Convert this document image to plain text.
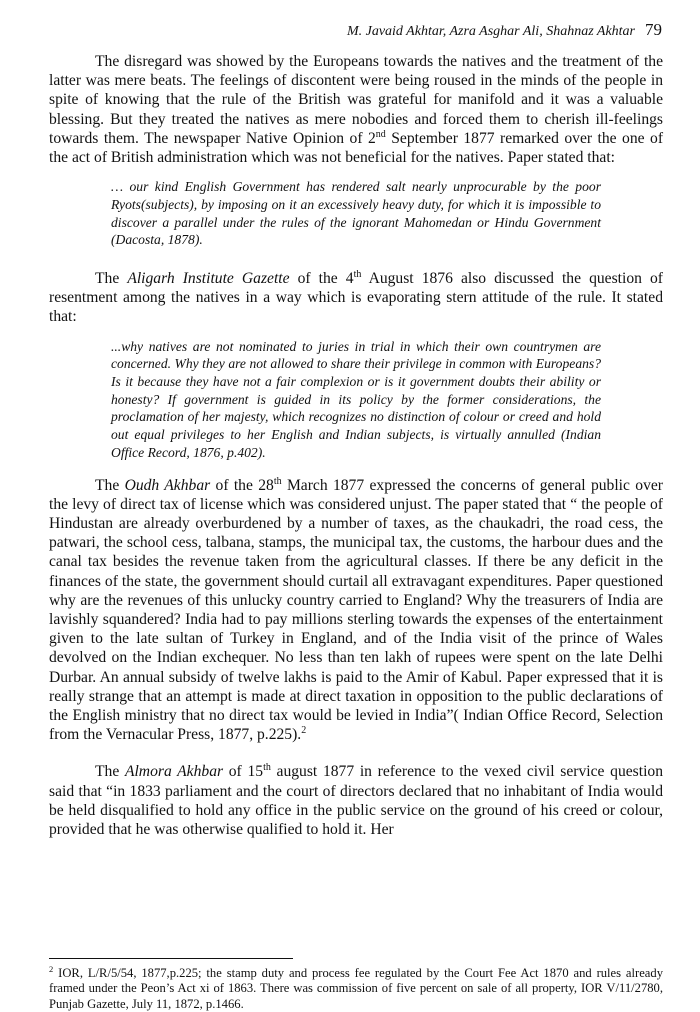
M. Javaid Akhtar, Azra Asghar Ali, Shahnaz Akhtar 79

The disregard was showed by the Europeans towards the natives and the treatment of the latter was mere beats. The feelings of discontent were being roused in the minds of the people in spite of knowing that the rule of the British was grateful for manifold and it was a valuable blessing. But they treated the natives as mere nobodies and forced them to cherish ill-feelings towards them. The newspaper Native Opinion of 2nd September 1877 remarked over the one of the act of British administration which was not beneficial for the natives. Paper stated that:

… our kind English Government has rendered salt nearly unprocurable by the poor Ryots(subjects), by imposing on it an excessively heavy duty, for which it is impossible to discover a parallel under the rules of the ignorant Mahomedan or Hindu Government (Dacosta, 1878).

The Aligarh Institute Gazette of the 4th August 1876 also discussed the question of resentment among the natives in a way which is evaporating stern attitude of the rule. It stated that:

...why natives are not nominated to juries in trial in which their own countrymen are concerned. Why they are not allowed to share their privilege in common with Europeans? Is it because they have not a fair complexion or is it government doubts their ability or honesty? If government is guided in its policy by the former considerations, the proclamation of her majesty, which recognizes no distinction of colour or creed and hold out equal privileges to her English and Indian subjects, is virtually annulled (Indian Office Record, 1876, p.402).

The Oudh Akhbar of the 28th March 1877 expressed the concerns of general public over the levy of direct tax of license which was considered unjust. The paper stated that “ the people of Hindustan are already overburdened by a number of taxes, as the chaukadri, the road cess, the patwari, the school cess, talbana, stamps, the municipal tax, the customs, the harbour dues and the canal tax besides the revenue taken from the agricultural classes. If there be any deficit in the finances of the state, the government should curtail all extravagant expenditures. Paper questioned why are the revenues of this unlucky country carried to England? Why the treasurers of India are lavishly squandered? India had to pay millions sterling towards the expenses of the entertainment given to the late sultan of Turkey in England, and of the India visit of the prince of Wales devolved on the Indian exchequer. No less than ten lakh of rupees were spent on the late Delhi Durbar. An annual subsidy of twelve lakhs is paid to the Amir of Kabul. Paper expressed that it is really strange that an attempt is made at direct taxation in opposition to the public declarations of the English ministry that no direct tax would be levied in India”( Indian Office Record, Selection from the Vernacular Press, 1877, p.225).$^2$

The Almora Akhbar of 15th august 1877 in reference to the vexed civil service question said that “in 1833 parliament and the court of directors declared that no inhabitant of India would be held disqualified to hold any office in the public service on the ground of his creed or colour, provided that he was otherwise qualified to hold it. Her

$^2$ IOR, L/R/5/54, 1877,p.225; the stamp duty and process fee regulated by the Court Fee Act 1870 and rules already framed under the Peon’s Act xi of 1863. There was commission of five percent on sale of all property, IOR V/11/2780, Punjab Gazette, July 11, 1872, p.1466.
